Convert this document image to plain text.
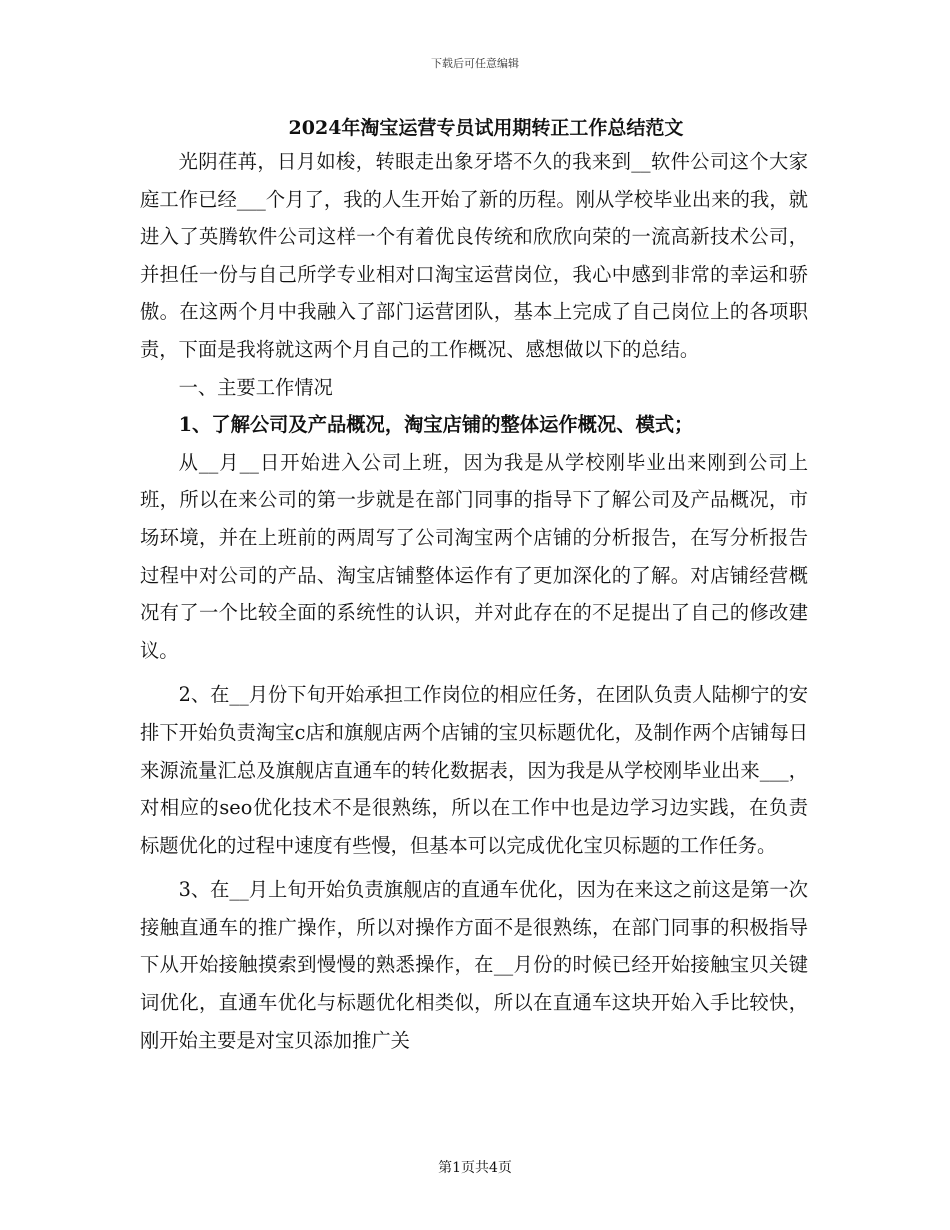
下载后可任意编辑
2024年淘宝运营专员试用期转正工作总结范文

光阴荏苒，日月如梭，转眼走出象牙塔不久的我来到__软件公司这个大家庭工作已经___个月了，我的人生开始了新的历程。刚从学校毕业出来的我，就进入了英腾软件公司这样一个有着优良传统和欣欣向荣的一流高新技术公司，并担任一份与自己所学专业相对口淘宝运营岗位，我心中感到非常的幸运和骄傲。在这两个月中我融入了部门运营团队，基本上完成了自己岗位上的各项职责，下面是我将就这两个月自己的工作概况、感想做以下的总结。

一、主要工作情况

1、了解公司及产品概况，淘宝店铺的整体运作概况、模式；

从__月__日开始进入公司上班，因为我是从学校刚毕业出来刚到公司上班，所以在来公司的第一步就是在部门同事的指导下了解公司及产品概况，市场环境，并在上班前的两周写了公司淘宝两个店铺的分析报告，在写分析报告过程中对公司的产品、淘宝店铺整体运作有了更加深化的了解。对店铺经营概况有了一个比较全面的系统性的认识，并对此存在的不足提出了自己的修改建议。

2、在__月份下旬开始承担工作岗位的相应任务，在团队负责人陆柳宁的安排下开始负责淘宝c店和旗舰店两个店铺的宝贝标题优化，及制作两个店铺每日来源流量汇总及旗舰店直通车的转化数据表，因为我是从学校刚毕业出来___，对相应的seo优化技术不是很熟练，所以在工作中也是边学习边实践，在负责标题优化的过程中速度有些慢，但基本可以完成优化宝贝标题的工作任务。

3、在__月上旬开始负责旗舰店的直通车优化，因为在来这之前这是第一次接触直通车的推广操作，所以对操作方面不是很熟练，在部门同事的积极指导下从开始接触摸索到慢慢的熟悉操作，在__月份的时候已经开始接触宝贝关键词优化，直通车优化与标题优化相类似，所以在直通车这块开始入手比较快，刚开始主要是对宝贝添加推广关

第1页共4页
